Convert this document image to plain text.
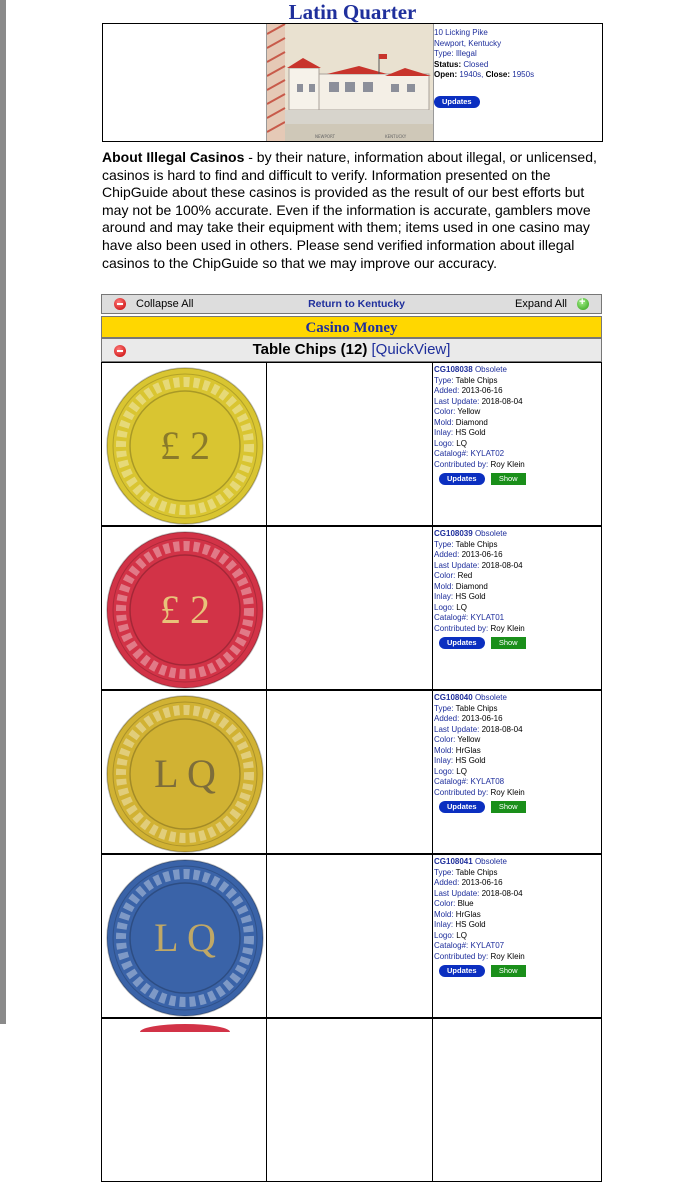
Latin Quarter
NEWPORT	KENTUCKY
10 Licking Pike
Newport, Kentucky
Type: Illegal
Status: Closed
Open: 1940s, Close: 1950s
Updates
About Illegal Casinos - by their nature, information about illegal, or unlicensed, casinos is hard to find and difficult to verify. Information presented on the ChipGuide about these casinos is provided as the result of our best efforts but may not be 100% accurate. Even if the information is accurate, gamblers move around and may take their equipment with them; items used in one casino may have also been used in others. Please send verified information about illegal casinos to the ChipGuide so that we may improve our accuracy.
Collapse All	Return to Kentucky	Expand All
+
Casino Money
Table Chips (12) [QuickView]
£ 2
CG108038 Obsolete
Type: Table Chips
Added: 2013-06-16
Last Update: 2018-08-04
Color: Yellow
Mold: Diamond
Inlay: HS Gold
Logo: LQ
Catalog#: KYLAT02
Contributed by: Roy Klein
Updates	Show
£ 2
CG108039 Obsolete
Type: Table Chips
Added: 2013-06-16
Last Update: 2018-08-04
Color: Red
Mold: Diamond
Inlay: HS Gold
Logo: LQ
Catalog#: KYLAT01
Contributed by: Roy Klein
Updates	Show
L Q
CG108040 Obsolete
Type: Table Chips
Added: 2013-06-16
Last Update: 2018-08-04
Color: Yellow
Mold: HrGlas
Inlay: HS Gold
Logo: LQ
Catalog#: KYLAT08
Contributed by: Roy Klein
Updates	Show
L Q
CG108041 Obsolete
Type: Table Chips
Added: 2013-06-16
Last Update: 2018-08-04
Color: Blue
Mold: HrGlas
Inlay: HS Gold
Logo: LQ
Catalog#: KYLAT07
Contributed by: Roy Klein
Updates	Show
